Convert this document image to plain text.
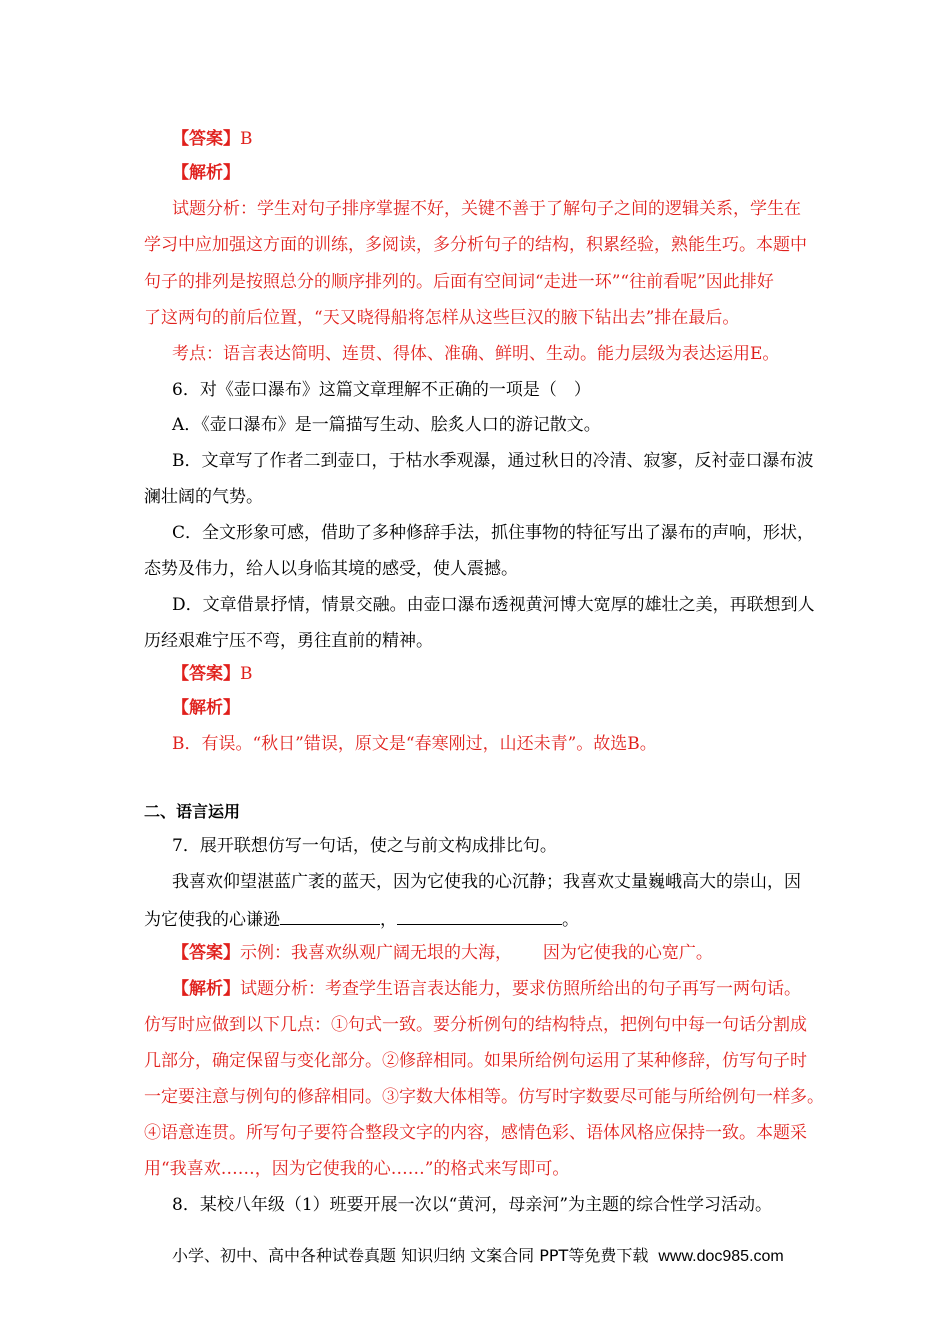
【答案】B
【解析】
试题分析：学生对句子排序掌握不好，关键不善于了解句子之间的逻辑关系，学生在
学习中应加强这方面的训练，多阅读，多分析句子的结构，积累经验，熟能生巧。本题中
句子的排列是按照总分的顺序排列的。后面有空间词“走进一环”“往前看呢”因此排好
了这两句的前后位置，“天又晓得船将怎样从这些巨汉的腋下钻出去”排在最后。
考点：语言表达简明、连贯、得体、准确、鲜明、生动。能力层级为表达运用E。
6．对《壶口瀑布》这篇文章理解不正确的一项是（　）
A．《壶口瀑布》是一篇描写生动、脍炙人口的游记散文。
B．文章写了作者二到壶口，于枯水季观瀑，通过秋日的冷清、寂寥，反衬壶口瀑布波
澜壮阔的气势。
C．全文形象可感，借助了多种修辞手法，抓住事物的特征写出了瀑布的声响，形状，
态势及伟力，给人以身临其境的感受，使人震撼。
D．文章借景抒情，情景交融。由壶口瀑布透视黄河博大宽厚的雄壮之美，再联想到人
历经艰难宁压不弯，勇往直前的精神。
【答案】B
【解析】
B．有误。“秋日”错误，原文是“春寒刚过，山还未青”。故选B。
二、语言运用
7．展开联想仿写一句话，使之与前文构成排比句。
我喜欢仰望湛蓝广袤的蓝天，因为它使我的心沉静；我喜欢丈量巍峨高大的崇山，因
为它使我的心谦逊	，	。
【答案】示例：我喜欢纵观广阔无垠的大海，　　 因为它使我的心宽广。
【解析】试题分析：考查学生语言表达能力，要求仿照所给出的句子再写一两句话。
仿写时应做到以下几点：①句式一致。要分析例句的结构特点，把例句中每一句话分割成
几部分，确定保留与变化部分。②修辞相同。如果所给例句运用了某种修辞，仿写句子时
一定要注意与例句的修辞相同。③字数大体相等。仿写时字数要尽可能与所给例句一样多。
④语意连贯。所写句子要符合整段文字的内容，感情色彩、语体风格应保持一致。本题采
用“我喜欢……，因为它使我的心……”的格式来写即可。
8．某校八年级（1）班要开展一次以“黄河，母亲河”为主题的综合性学习活动。
小学、初中、高中各种试卷真题 知识归纳 文案合同 PPT等免费下载 www.doc985.com
